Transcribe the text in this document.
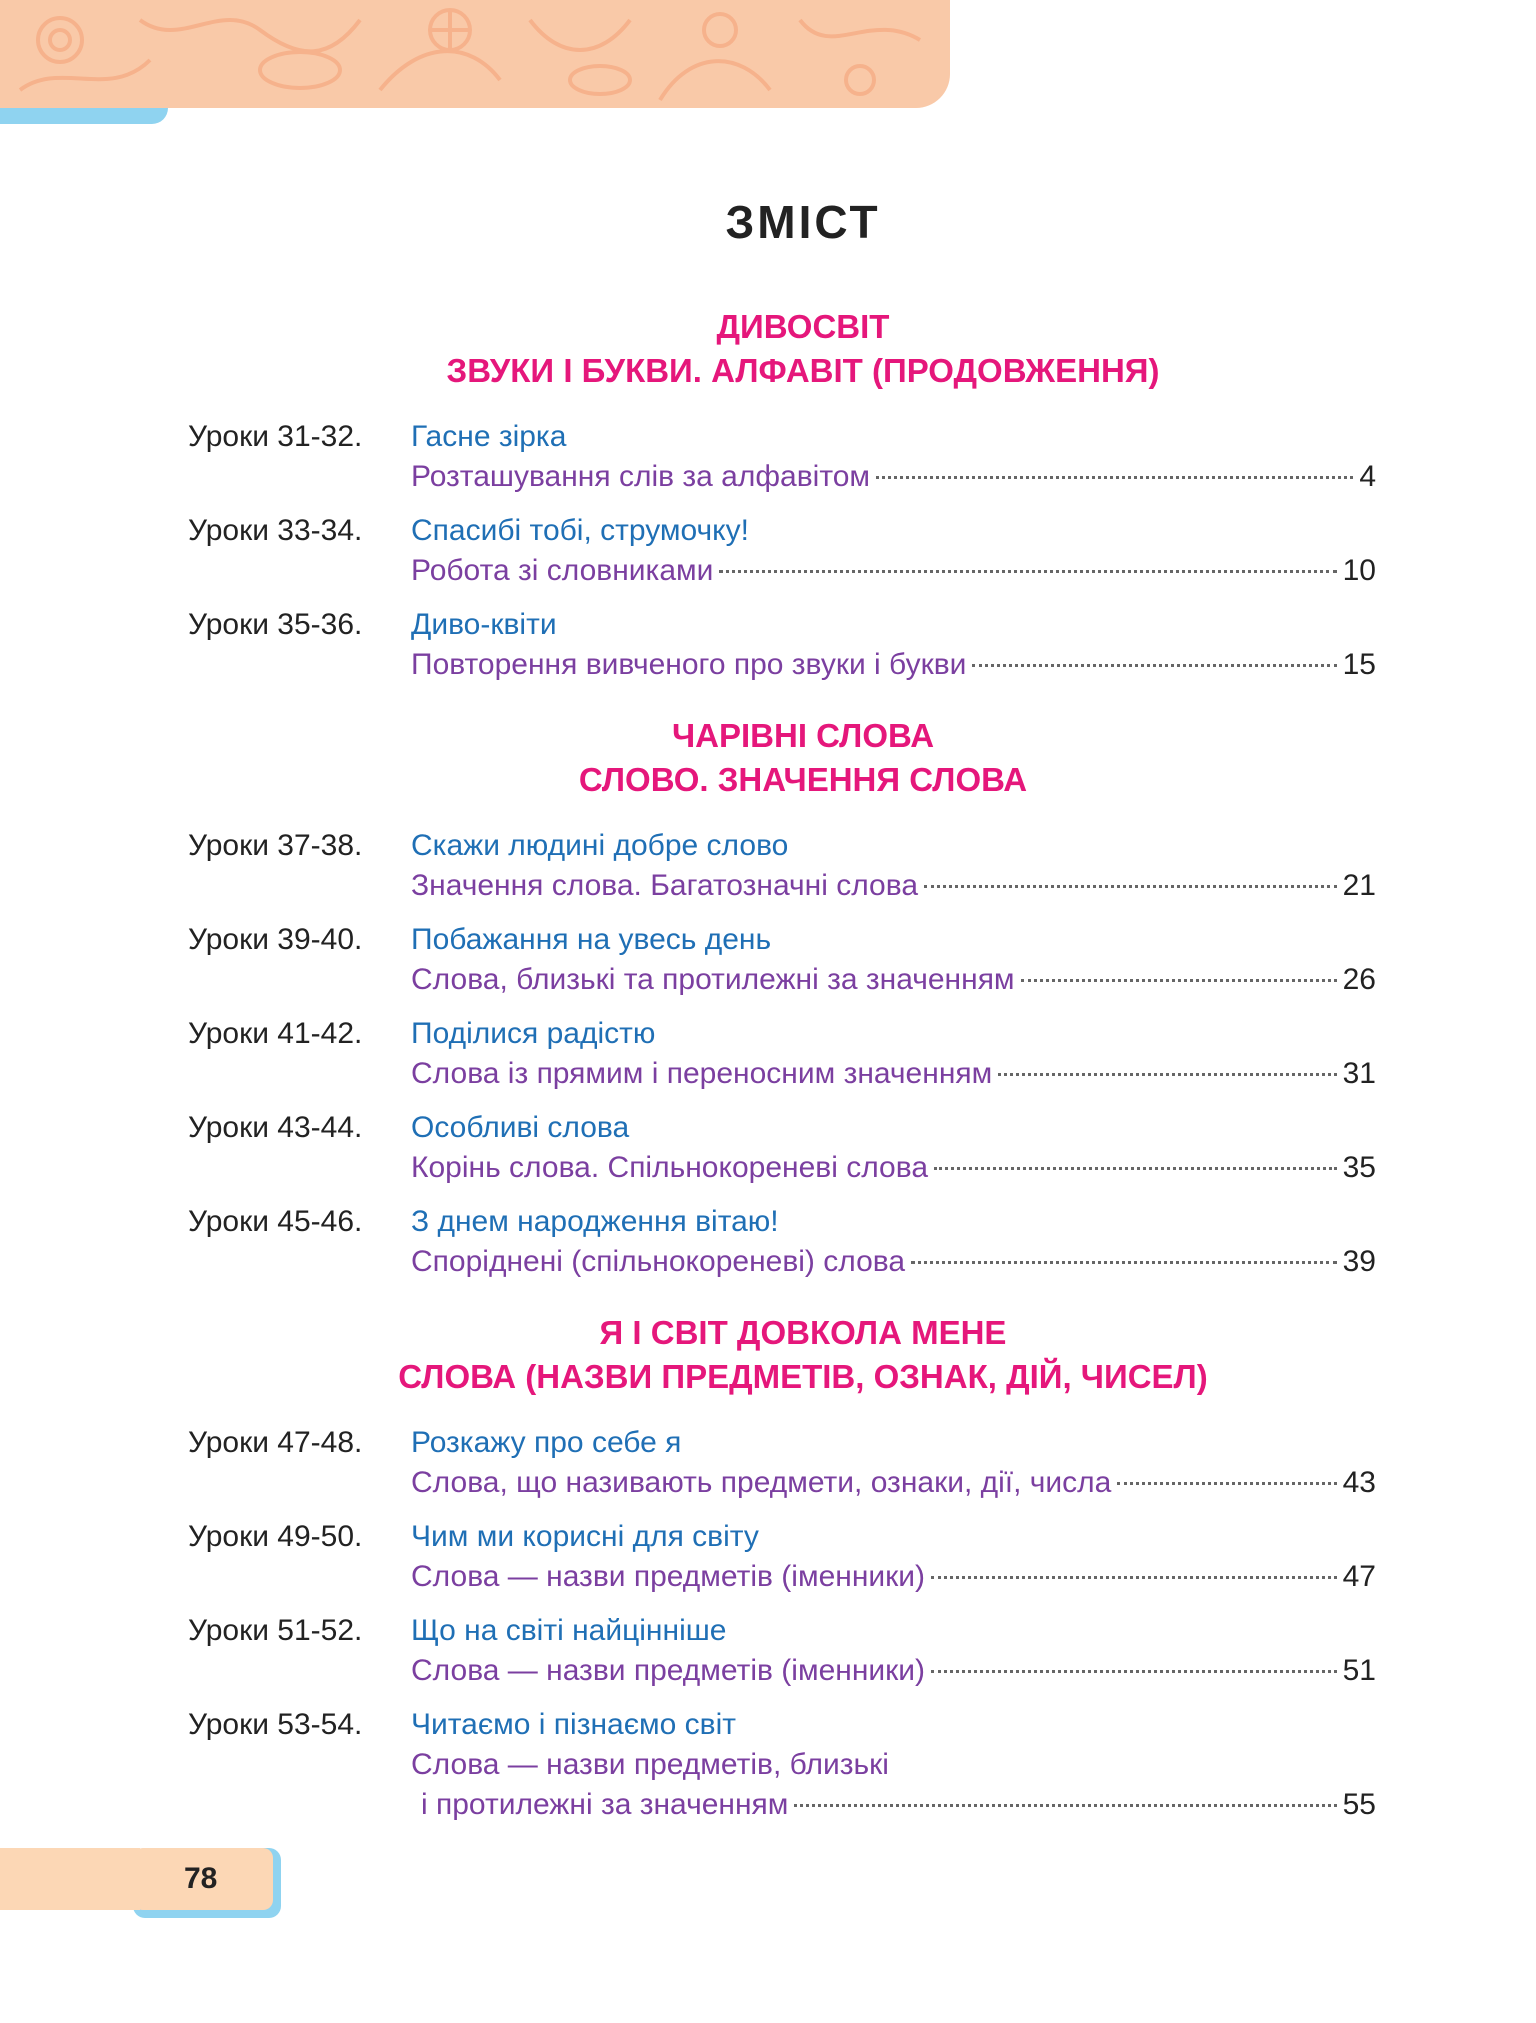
ЗМІСТ
ДИВОСВІТ
ЗВУКИ І БУКВИ. АЛФАВІТ (ПРОДОВЖЕННЯ)
Уроки 31-32. Гасне зірка
Розташування слів за алфавітом	4
Уроки 33-34. Спасибі тобі, струмочку!
Робота зі словниками	10
Уроки 35-36. Диво-квіти
Повторення вивченого про звуки і букви	15
ЧАРІВНІ СЛОВА
СЛОВО. ЗНАЧЕННЯ СЛОВА
Уроки 37-38. Скажи людині добре слово
Значення слова. Багатозначні слова	21
Уроки 39-40. Побажання на увесь день
Слова, близькі та протилежні за значенням	26
Уроки 41-42. Поділися радістю
Слова із прямим і переносним значенням	31
Уроки 43-44. Особливі слова
Корінь слова. Спільнокореневі слова	35
Уроки 45-46. З днем народження вітаю!
Споріднені (спільнокореневі) слова	39
Я І СВІТ ДОВКОЛА МЕНЕ
СЛОВА (НАЗВИ ПРЕДМЕТІВ, ОЗНАК, ДІЙ, ЧИСЕЛ)
Уроки 47-48. Розкажу про себе я
Слова, що називають предмети, ознаки, дії, числа	43
Уроки 49-50. Чим ми корисні для світу
Слова — назви предметів (іменники)	47
Уроки 51-52. Що на світі найцінніше
Слова — назви предметів (іменники)	51
Уроки 53-54. Читаємо і пізнаємо світ
Слова — назви предметів, близькі
і протилежні за значенням	55
78
